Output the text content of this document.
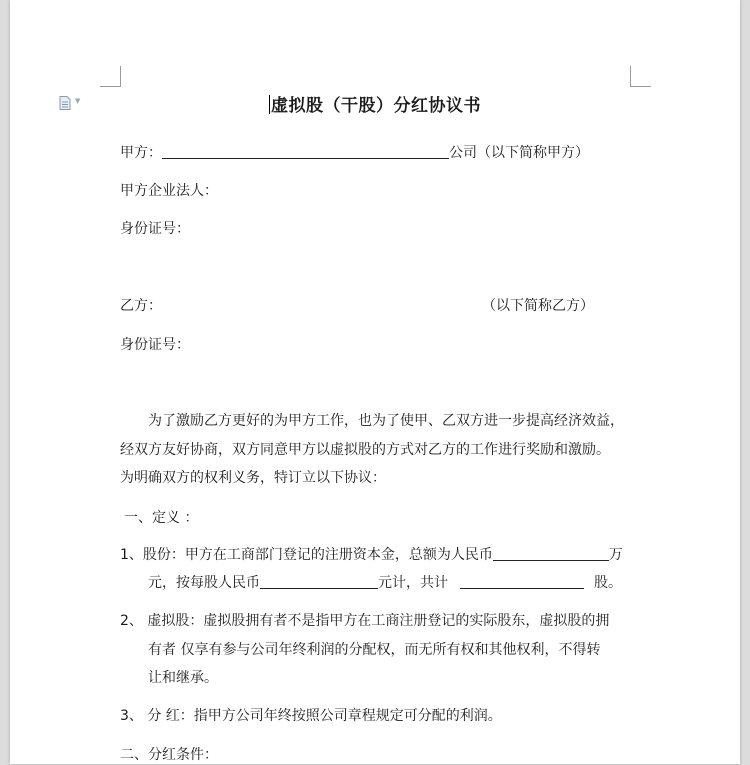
▼	虚拟股（干股）分红协议书
甲方：	公司（以下简称甲方）
甲方企业法人：
身份证号：
乙方：	（以下简称乙方）
身份证号：
为了激励乙方更好的为甲方工作，也为了使甲、乙双方进一步提高经济效益，
经双方友好协商，双方同意甲方以虚拟股的方式对乙方的工作进行奖励和激励。
为明确双方的权利义务，特订立以下协议：
一、定义 ：
1、股份：甲方在工商部门登记的注册资本金，总额为人民币	万
元，按每股人民币	元计，共计	股。
2、 虚拟股：虚拟股拥有者不是指甲方在工商注册登记的实际股东，虚拟股的拥
有者 仅享有参与公司年终利润的分配权，而无所有权和其他权利，不得转
让和继承。
3、 分 红：指甲方公司年终按照公司章程规定可分配的利润。
二、分红条件：
